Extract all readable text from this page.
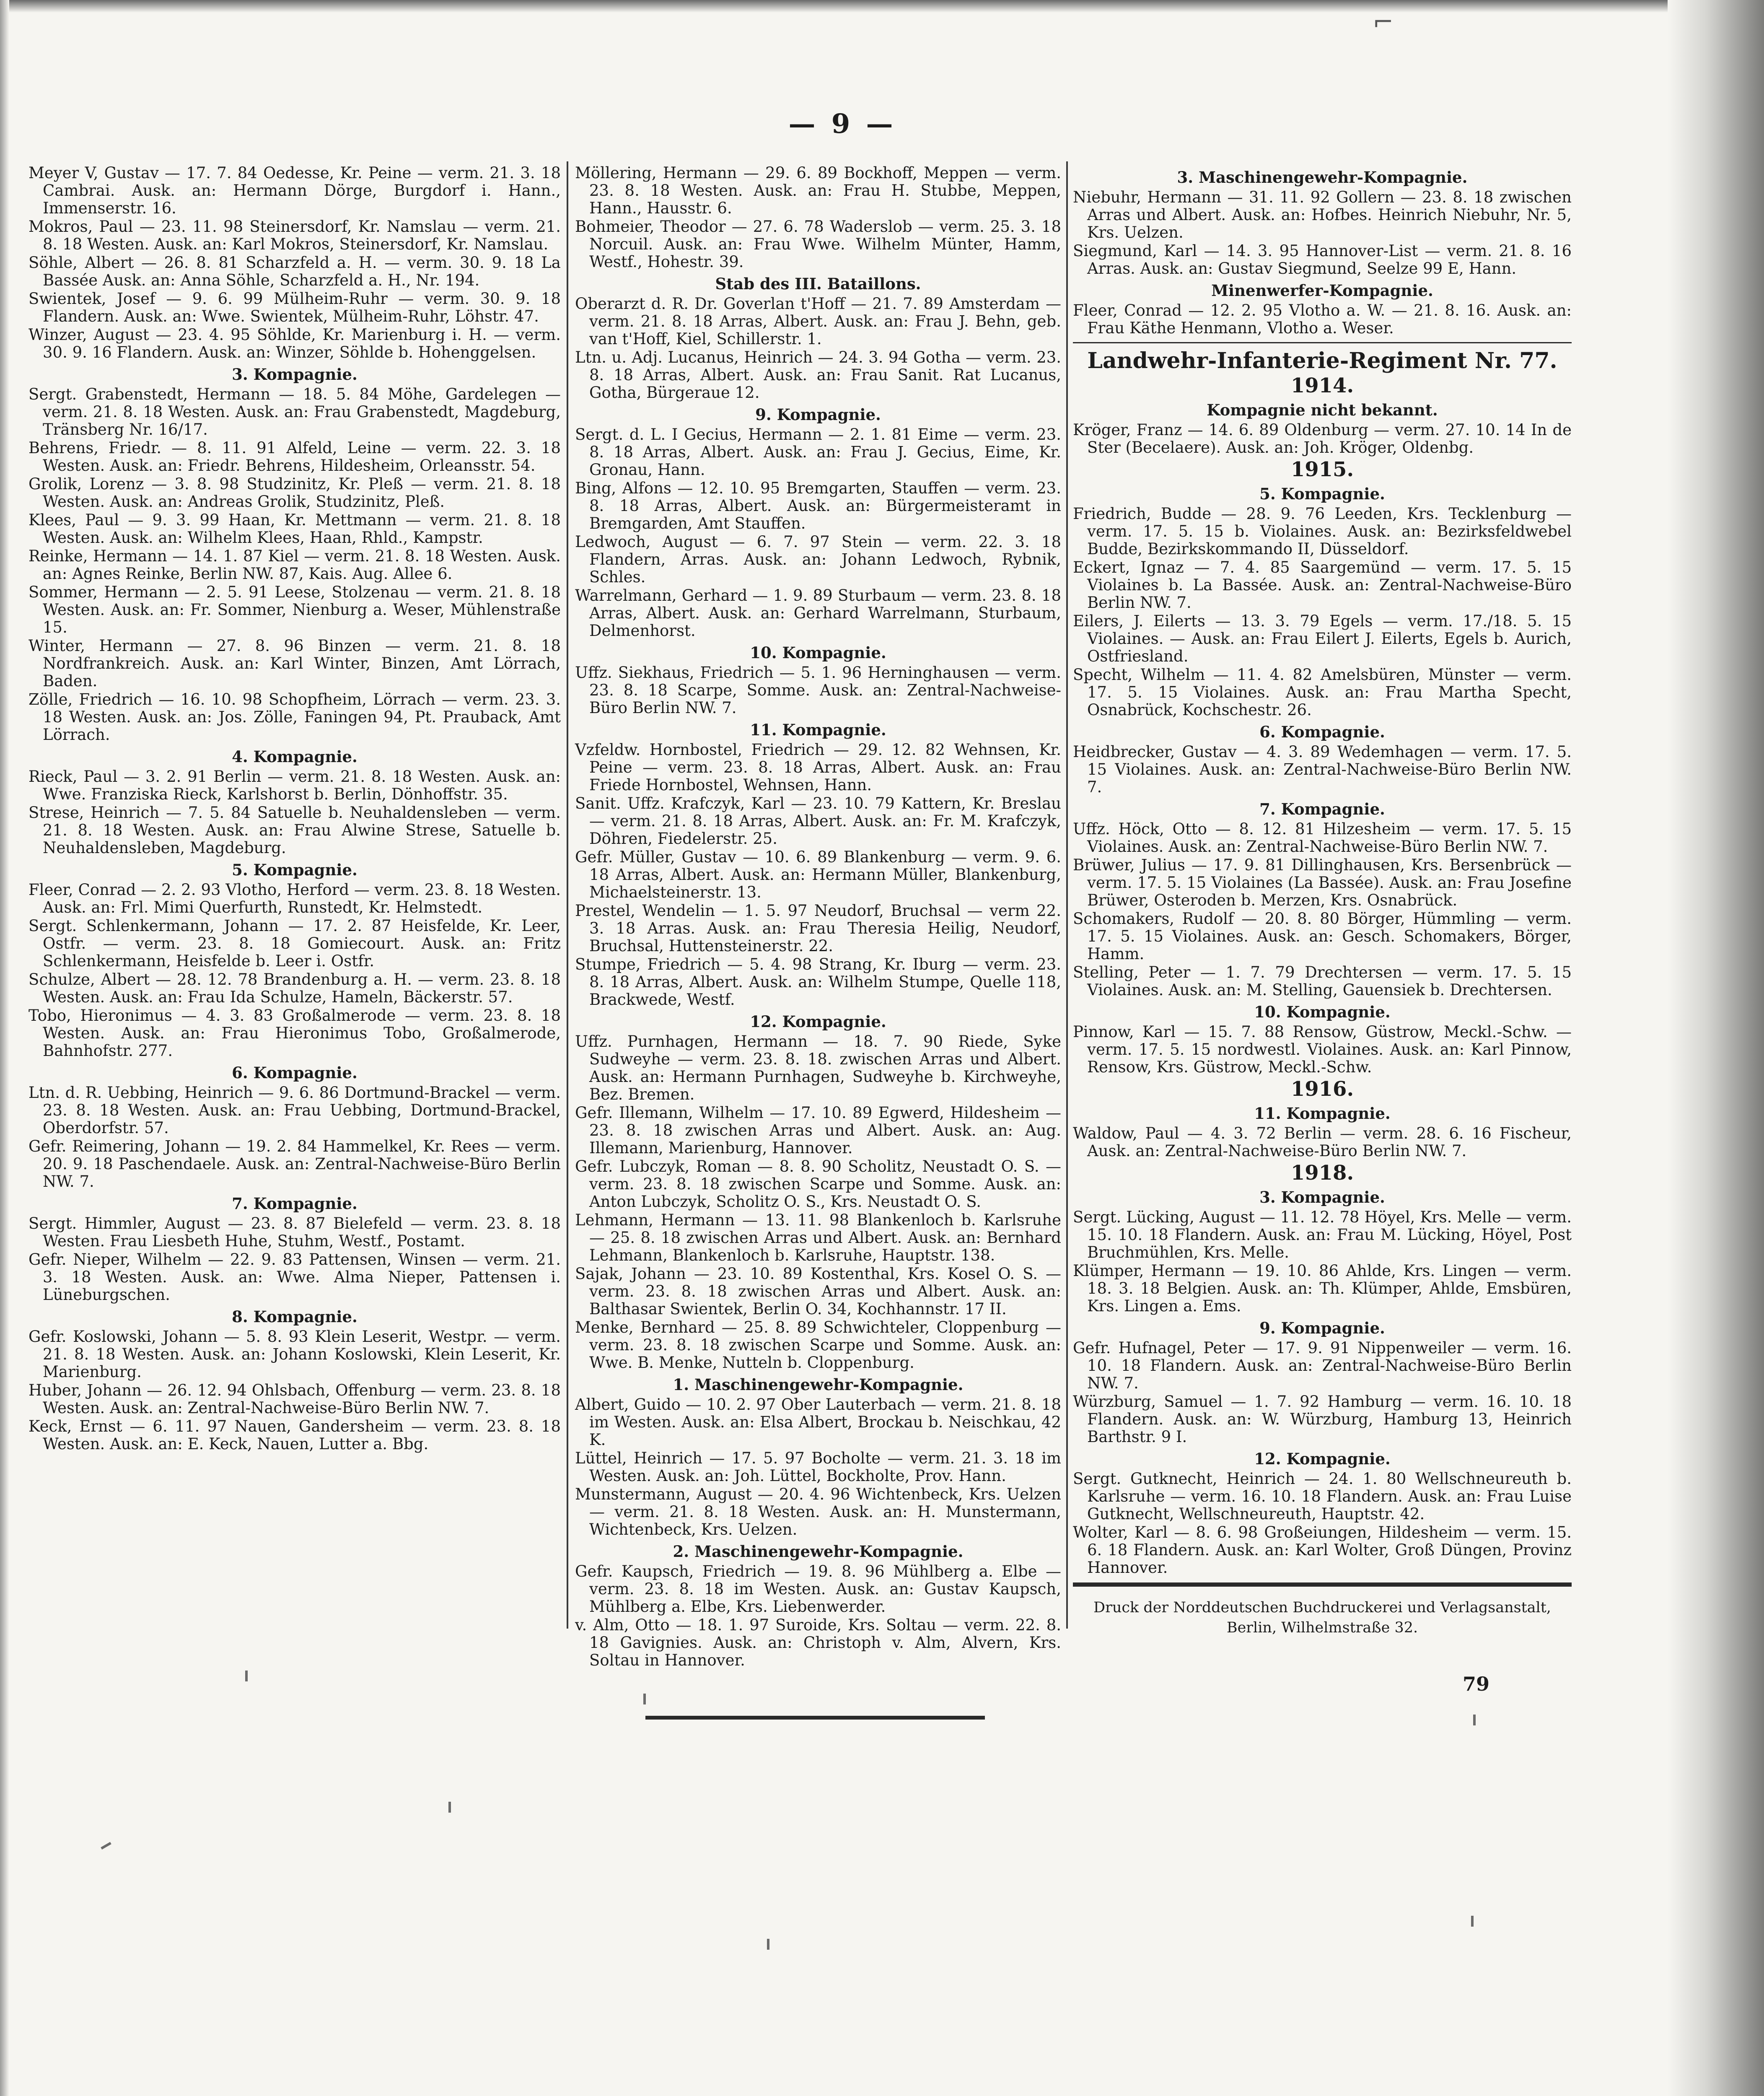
⌐
— 9 —
Meyer V, Gustav — 17. 7. 84 Oedesse, Kr. Peine — verm. 21. 3. 18 Cambrai. Ausk. an: Hermann Dörge, Burgdorf i. Hann., Immenserstr. 16.
Mokros, Paul — 23. 11. 98 Steinersdorf, Kr. Namslau — verm. 21. 8. 18 Westen. Ausk. an: Karl Mokros, Steinersdorf, Kr. Namslau.
Söhle, Albert — 26. 8. 81 Scharzfeld a. H. — verm. 30. 9. 18 La Bassée Ausk. an: Anna Söhle, Scharzfeld a. H., Nr. 194.
Swientek, Josef — 9. 6. 99 Mülheim-Ruhr — verm. 30. 9. 18 Flandern. Ausk. an: Wwe. Swientek, Mülheim-Ruhr, Löhstr. 47.
Winzer, August — 23. 4. 95 Söhlde, Kr. Marienburg i. H. — verm. 30. 9. 16 Flandern. Ausk. an: Winzer, Söhlde b. Hohenggelsen.
3. Kompagnie.
Sergt. Grabenstedt, Hermann — 18. 5. 84 Möhe, Gardelegen — verm. 21. 8. 18 Westen. Ausk. an: Frau Grabenstedt, Magdeburg, Tränsberg Nr. 16/17.
Behrens, Friedr. — 8. 11. 91 Alfeld, Leine — verm. 22. 3. 18 Westen. Ausk. an: Friedr. Behrens, Hildesheim, Orleansstr. 54.
Grolik, Lorenz — 3. 8. 98 Studzinitz, Kr. Pleß — verm. 21. 8. 18 Westen. Ausk. an: Andreas Grolik, Studzinitz, Pleß.
Klees, Paul — 9. 3. 99 Haan, Kr. Mettmann — verm. 21. 8. 18 Westen. Ausk. an: Wilhelm Klees, Haan, Rhld., Kampstr.
Reinke, Hermann — 14. 1. 87 Kiel — verm. 21. 8. 18 Westen. Ausk. an: Agnes Reinke, Berlin NW. 87, Kais. Aug. Allee 6.
Sommer, Hermann — 2. 5. 91 Leese, Stolzenau — verm. 21. 8. 18 Westen. Ausk. an: Fr. Sommer, Nienburg a. Weser, Mühlenstraße 15.
Winter, Hermann — 27. 8. 96 Binzen — verm. 21. 8. 18 Nordfrankreich. Ausk. an: Karl Winter, Binzen, Amt Lörrach, Baden.
Zölle, Friedrich — 16. 10. 98 Schopfheim, Lörrach — verm. 23. 3. 18 Westen. Ausk. an: Jos. Zölle, Faningen 94, Pt. Prauback, Amt Lörrach.
4. Kompagnie.
Rieck, Paul — 3. 2. 91 Berlin — verm. 21. 8. 18 Westen. Ausk. an: Wwe. Franziska Rieck, Karlshorst b. Berlin, Dönhoffstr. 35.
Strese, Heinrich — 7. 5. 84 Satuelle b. Neuhaldensleben — verm. 21. 8. 18 Westen. Ausk. an: Frau Alwine Strese, Satuelle b. Neuhaldensleben, Magdeburg.
5. Kompagnie.
Fleer, Conrad — 2. 2. 93 Vlotho, Herford — verm. 23. 8. 18 Westen. Ausk. an: Frl. Mimi Querfurth, Runstedt, Kr. Helmstedt.
Sergt. Schlenkermann, Johann — 17. 2. 87 Heisfelde, Kr. Leer, Ostfr. — verm. 23. 8. 18 Gomiecourt. Ausk. an: Fritz Schlenkermann, Heisfelde b. Leer i. Ostfr.
Schulze, Albert — 28. 12. 78 Brandenburg a. H. — verm. 23. 8. 18 Westen. Ausk. an: Frau Ida Schulze, Hameln, Bäckerstr. 57.
Tobo, Hieronimus — 4. 3. 83 Großalmerode — verm. 23. 8. 18 Westen. Ausk. an: Frau Hieronimus Tobo, Großalmerode, Bahnhofstr. 277.
6. Kompagnie.
Ltn. d. R. Uebbing, Heinrich — 9. 6. 86 Dortmund-Brackel — verm. 23. 8. 18 Westen. Ausk. an: Frau Uebbing, Dortmund-Brackel, Oberdorfstr. 57.
Gefr. Reimering, Johann — 19. 2. 84 Hammelkel, Kr. Rees — verm. 20. 9. 18 Paschendaele. Ausk. an: Zentral-Nachweise-Büro Berlin NW. 7.
7. Kompagnie.
Sergt. Himmler, August — 23. 8. 87 Bielefeld — verm. 23. 8. 18 Westen. Frau Liesbeth Huhe, Stuhm, Westf., Postamt.
Gefr. Nieper, Wilhelm — 22. 9. 83 Pattensen, Winsen — verm. 21. 3. 18 Westen. Ausk. an: Wwe. Alma Nieper, Pattensen i. Lüneburgschen.
8. Kompagnie.
Gefr. Koslowski, Johann — 5. 8. 93 Klein Leserit, Westpr. — verm. 21. 8. 18 Westen. Ausk. an: Johann Koslowski, Klein Leserit, Kr. Marienburg.
Huber, Johann — 26. 12. 94 Ohlsbach, Offenburg — verm. 23. 8. 18 Westen. Ausk. an: Zentral-Nachweise-Büro Berlin NW. 7.
Keck, Ernst — 6. 11. 97 Nauen, Gandersheim — verm. 23. 8. 18 Westen. Ausk. an: E. Keck, Nauen, Lutter a. Bbg.
Möllering, Hermann — 29. 6. 89 Bockhoff, Meppen — verm. 23. 8. 18 Westen. Ausk. an: Frau H. Stubbe, Meppen, Hann., Hausstr. 6.
Bohmeier, Theodor — 27. 6. 78 Waderslob — verm. 25. 3. 18 Norcuil. Ausk. an: Frau Wwe. Wilhelm Münter, Hamm, Westf., Hohestr. 39.
Stab des III. Bataillons.
Oberarzt d. R. Dr. Goverlan t'Hoff — 21. 7. 89 Amsterdam — verm. 21. 8. 18 Arras, Albert. Ausk. an: Frau J. Behn, geb. van t'Hoff, Kiel, Schillerstr. 1.
Ltn. u. Adj. Lucanus, Heinrich — 24. 3. 94 Gotha — verm. 23. 8. 18 Arras, Albert. Ausk. an: Frau Sanit. Rat Lucanus, Gotha, Bürgeraue 12.
9. Kompagnie.
Sergt. d. L. I Gecius, Hermann — 2. 1. 81 Eime — verm. 23. 8. 18 Arras, Albert. Ausk. an: Frau J. Gecius, Eime, Kr. Gronau, Hann.
Bing, Alfons — 12. 10. 95 Bremgarten, Stauffen — verm. 23. 8. 18 Arras, Albert. Ausk. an: Bürgermeisteramt in Bremgarden, Amt Stauffen.
Ledwoch, August — 6. 7. 97 Stein — verm. 22. 3. 18 Flandern, Arras. Ausk. an: Johann Ledwoch, Rybnik, Schles.
Warrelmann, Gerhard — 1. 9. 89 Sturbaum — verm. 23. 8. 18 Arras, Albert. Ausk. an: Gerhard Warrelmann, Sturbaum, Delmenhorst.
10. Kompagnie.
Uffz. Siekhaus, Friedrich — 5. 1. 96 Herninghausen — verm. 23. 8. 18 Scarpe, Somme. Ausk. an: Zentral-Nachweise-Büro Berlin NW. 7.
11. Kompagnie.
Vzfeldw. Hornbostel, Friedrich — 29. 12. 82 Wehnsen, Kr. Peine — verm. 23. 8. 18 Arras, Albert. Ausk. an: Frau Friede Hornbostel, Wehnsen, Hann.
Sanit. Uffz. Krafczyk, Karl — 23. 10. 79 Kattern, Kr. Breslau — verm. 21. 8. 18 Arras, Albert. Ausk. an: Fr. M. Krafczyk, Döhren, Fiedelerstr. 25.
Gefr. Müller, Gustav — 10. 6. 89 Blankenburg — verm. 9. 6. 18 Arras, Albert. Ausk. an: Hermann Müller, Blankenburg, Michaelsteinerstr. 13.
Prestel, Wendelin — 1. 5. 97 Neudorf, Bruchsal — verm 22. 3. 18 Arras. Ausk. an: Frau Theresia Heilig, Neudorf, Bruchsal, Huttensteinerstr. 22.
Stumpe, Friedrich — 5. 4. 98 Strang, Kr. Iburg — verm. 23. 8. 18 Arras, Albert. Ausk. an: Wilhelm Stumpe, Quelle 118, Brackwede, Westf.
12. Kompagnie.
Uffz. Purnhagen, Hermann — 18. 7. 90 Riede, Syke Sudweyhe — verm. 23. 8. 18. zwischen Arras und Albert. Ausk. an: Hermann Purnhagen, Sudweyhe b. Kirchweyhe, Bez. Bremen.
Gefr. Illemann, Wilhelm — 17. 10. 89 Egwerd, Hildesheim — 23. 8. 18 zwischen Arras und Albert. Ausk. an: Aug. Illemann, Marienburg, Hannover.
Gefr. Lubczyk, Roman — 8. 8. 90 Scholitz, Neustadt O. S. — verm. 23. 8. 18 zwischen Scarpe und Somme. Ausk. an: Anton Lubczyk, Scholitz O. S., Krs. Neustadt O. S.
Lehmann, Hermann — 13. 11. 98 Blankenloch b. Karlsruhe — 25. 8. 18 zwischen Arras und Albert. Ausk. an: Bernhard Lehmann, Blankenloch b. Karlsruhe, Hauptstr. 138.
Sajak, Johann — 23. 10. 89 Kostenthal, Krs. Kosel O. S. — verm. 23. 8. 18 zwischen Arras und Albert. Ausk. an: Balthasar Swientek, Berlin O. 34, Kochhannstr. 17 II.
Menke, Bernhard — 25. 8. 89 Schwichteler, Cloppenburg — verm. 23. 8. 18 zwischen Scarpe und Somme. Ausk. an: Wwe. B. Menke, Nutteln b. Cloppenburg.
1. Maschinengewehr-Kompagnie.
Albert, Guido — 10. 2. 97 Ober Lauterbach — verm. 21. 8. 18 im Westen. Ausk. an: Elsa Albert, Brockau b. Neischkau, 42 K.
Lüttel, Heinrich — 17. 5. 97 Bocholte — verm. 21. 3. 18 im Westen. Ausk. an: Joh. Lüttel, Bockholte, Prov. Hann.
Munstermann, August — 20. 4. 96 Wichtenbeck, Krs. Uelzen — verm. 21. 8. 18 Westen. Ausk. an: H. Munstermann, Wichtenbeck, Krs. Uelzen.
2. Maschinengewehr-Kompagnie.
Gefr. Kaupsch, Friedrich — 19. 8. 96 Mühlberg a. Elbe — verm. 23. 8. 18 im Westen. Ausk. an: Gustav Kaupsch, Mühlberg a. Elbe, Krs. Liebenwerder.
v. Alm, Otto — 18. 1. 97 Suroide, Krs. Soltau — verm. 22. 8. 18 Gavignies. Ausk. an: Christoph v. Alm, Alvern, Krs. Soltau in Hannover.
3. Maschinengewehr-Kompagnie.
Niebuhr, Hermann — 31. 11. 92 Gollern — 23. 8. 18 zwischen Arras und Albert. Ausk. an: Hofbes. Heinrich Niebuhr, Nr. 5, Krs. Uelzen.
Siegmund, Karl — 14. 3. 95 Hannover-List — verm. 21. 8. 16 Arras. Ausk. an: Gustav Siegmund, Seelze 99 E, Hann.
Minenwerfer-Kompagnie.
Fleer, Conrad — 12. 2. 95 Vlotho a. W. — 21. 8. 16. Ausk. an: Frau Käthe Henmann, Vlotho a. Weser.
Landwehr-Infanterie-Regiment Nr. 77.
1914.
Kompagnie nicht bekannt.
Kröger, Franz — 14. 6. 89 Oldenburg — verm. 27. 10. 14 In de Ster (Becelaere). Ausk. an: Joh. Kröger, Oldenbg.
1915.
5. Kompagnie.
Friedrich, Budde — 28. 9. 76 Leeden, Krs. Tecklenburg — verm. 17. 5. 15 b. Violaines. Ausk. an: Bezirksfeldwebel Budde, Bezirkskommando II, Düsseldorf.
Eckert, Ignaz — 7. 4. 85 Saargemünd — verm. 17. 5. 15 Violaines b. La Bassée. Ausk. an: Zentral-Nachweise-Büro Berlin NW. 7.
Eilers, J. Eilerts — 13. 3. 79 Egels — verm. 17./18. 5. 15 Violaines. — Ausk. an: Frau Eilert J. Eilerts, Egels b. Aurich, Ostfriesland.
Specht, Wilhelm — 11. 4. 82 Amelsbüren, Münster — verm. 17. 5. 15 Violaines. Ausk. an: Frau Martha Specht, Osnabrück, Kochschestr. 26.
6. Kompagnie.
Heidbrecker, Gustav — 4. 3. 89 Wedemhagen — verm. 17. 5. 15 Violaines. Ausk. an: Zentral-Nachweise-Büro Berlin NW. 7.
7. Kompagnie.
Uffz. Höck, Otto — 8. 12. 81 Hilzesheim — verm. 17. 5. 15 Violaines. Ausk. an: Zentral-Nachweise-Büro Berlin NW. 7.
Brüwer, Julius — 17. 9. 81 Dillinghausen, Krs. Bersenbrück — verm. 17. 5. 15 Violaines (La Bassée). Ausk. an: Frau Josefine Brüwer, Osteroden b. Merzen, Krs. Osnabrück.
Schomakers, Rudolf — 20. 8. 80 Börger, Hümmling — verm. 17. 5. 15 Violaines. Ausk. an: Gesch. Schomakers, Börger, Hamm.
Stelling, Peter — 1. 7. 79 Drechtersen — verm. 17. 5. 15 Violaines. Ausk. an: M. Stelling, Gauensiek b. Drechtersen.
10. Kompagnie.
Pinnow, Karl — 15. 7. 88 Rensow, Güstrow, Meckl.-Schw. — verm. 17. 5. 15 nordwestl. Violaines. Ausk. an: Karl Pinnow, Rensow, Krs. Güstrow, Meckl.-Schw.
1916.
11. Kompagnie.
Waldow, Paul — 4. 3. 72 Berlin — verm. 28. 6. 16 Fischeur, Ausk. an: Zentral-Nachweise-Büro Berlin NW. 7.
1918.
3. Kompagnie.
Sergt. Lücking, August — 11. 12. 78 Höyel, Krs. Melle — verm. 15. 10. 18 Flandern. Ausk. an: Frau M. Lücking, Höyel, Post Bruchmühlen, Krs. Melle.
Klümper, Hermann — 19. 10. 86 Ahlde, Krs. Lingen — verm. 18. 3. 18 Belgien. Ausk. an: Th. Klümper, Ahlde, Emsbüren, Krs. Lingen a. Ems.
9. Kompagnie.
Gefr. Hufnagel, Peter — 17. 9. 91 Nippenweiler — verm. 16. 10. 18 Flandern. Ausk. an: Zentral-Nachweise-Büro Berlin NW. 7.
Würzburg, Samuel — 1. 7. 92 Hamburg — verm. 16. 10. 18 Flandern. Ausk. an: W. Würzburg, Hamburg 13, Heinrich Barthstr. 9 I.
12. Kompagnie.
Sergt. Gutknecht, Heinrich — 24. 1. 80 Wellschneureuth b. Karlsruhe — verm. 16. 10. 18 Flandern. Ausk. an: Frau Luise Gutknecht, Wellschneureuth, Hauptstr. 42.
Wolter, Karl — 8. 6. 98 Großeiungen, Hildesheim — verm. 15. 6. 18 Flandern. Ausk. an: Karl Wolter, Groß Düngen, Provinz Hannover.
Druck der Norddeutschen Buchdruckerei und Verlagsanstalt,
Berlin, Wilhelmstraße 32.
79
